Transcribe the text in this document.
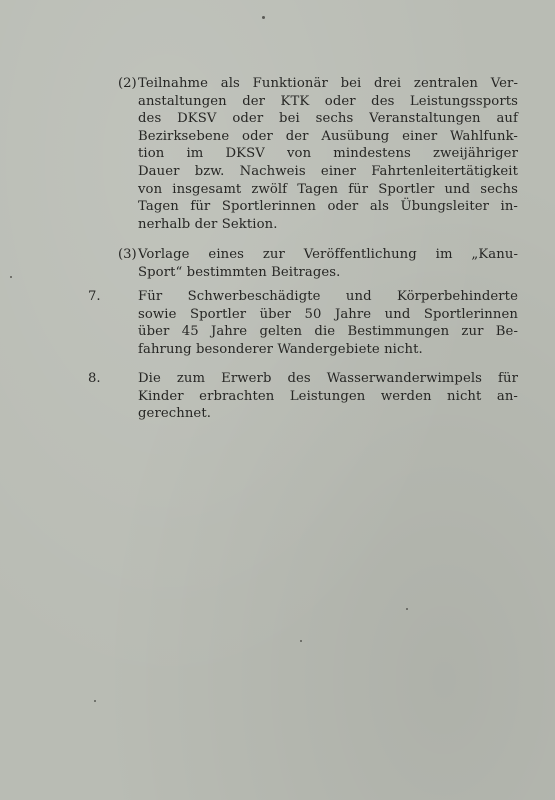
(2) Teilnahme als Funktionär bei drei zentralen Ver-
anstaltungen der KTK oder des Leistungssports
des DKSV oder bei sechs Veranstaltungen auf
Bezirksebene oder der Ausübung einer Wahlfunk-
tion im DKSV von mindestens zweijähriger
Dauer bzw. Nachweis einer Fahrtenleitertätigkeit
von insgesamt zwölf Tagen für Sportler und sechs
Tagen für Sportlerinnen oder als Übungsleiter in-
nerhalb der Sektion.
(3) Vorlage eines zur Veröffentlichung im „Kanu-
Sport“ bestimmten Beitrages.
7.	Für Schwerbeschädigte und Körperbehinderte
sowie Sportler über 50 Jahre und Sportlerinnen
über 45 Jahre gelten die Bestimmungen zur Be-
fahrung besonderer Wandergebiete nicht.
8.	Die zum Erwerb des Wasserwanderwimpels für
Kinder erbrachten Leistungen werden nicht an-
gerechnet.
